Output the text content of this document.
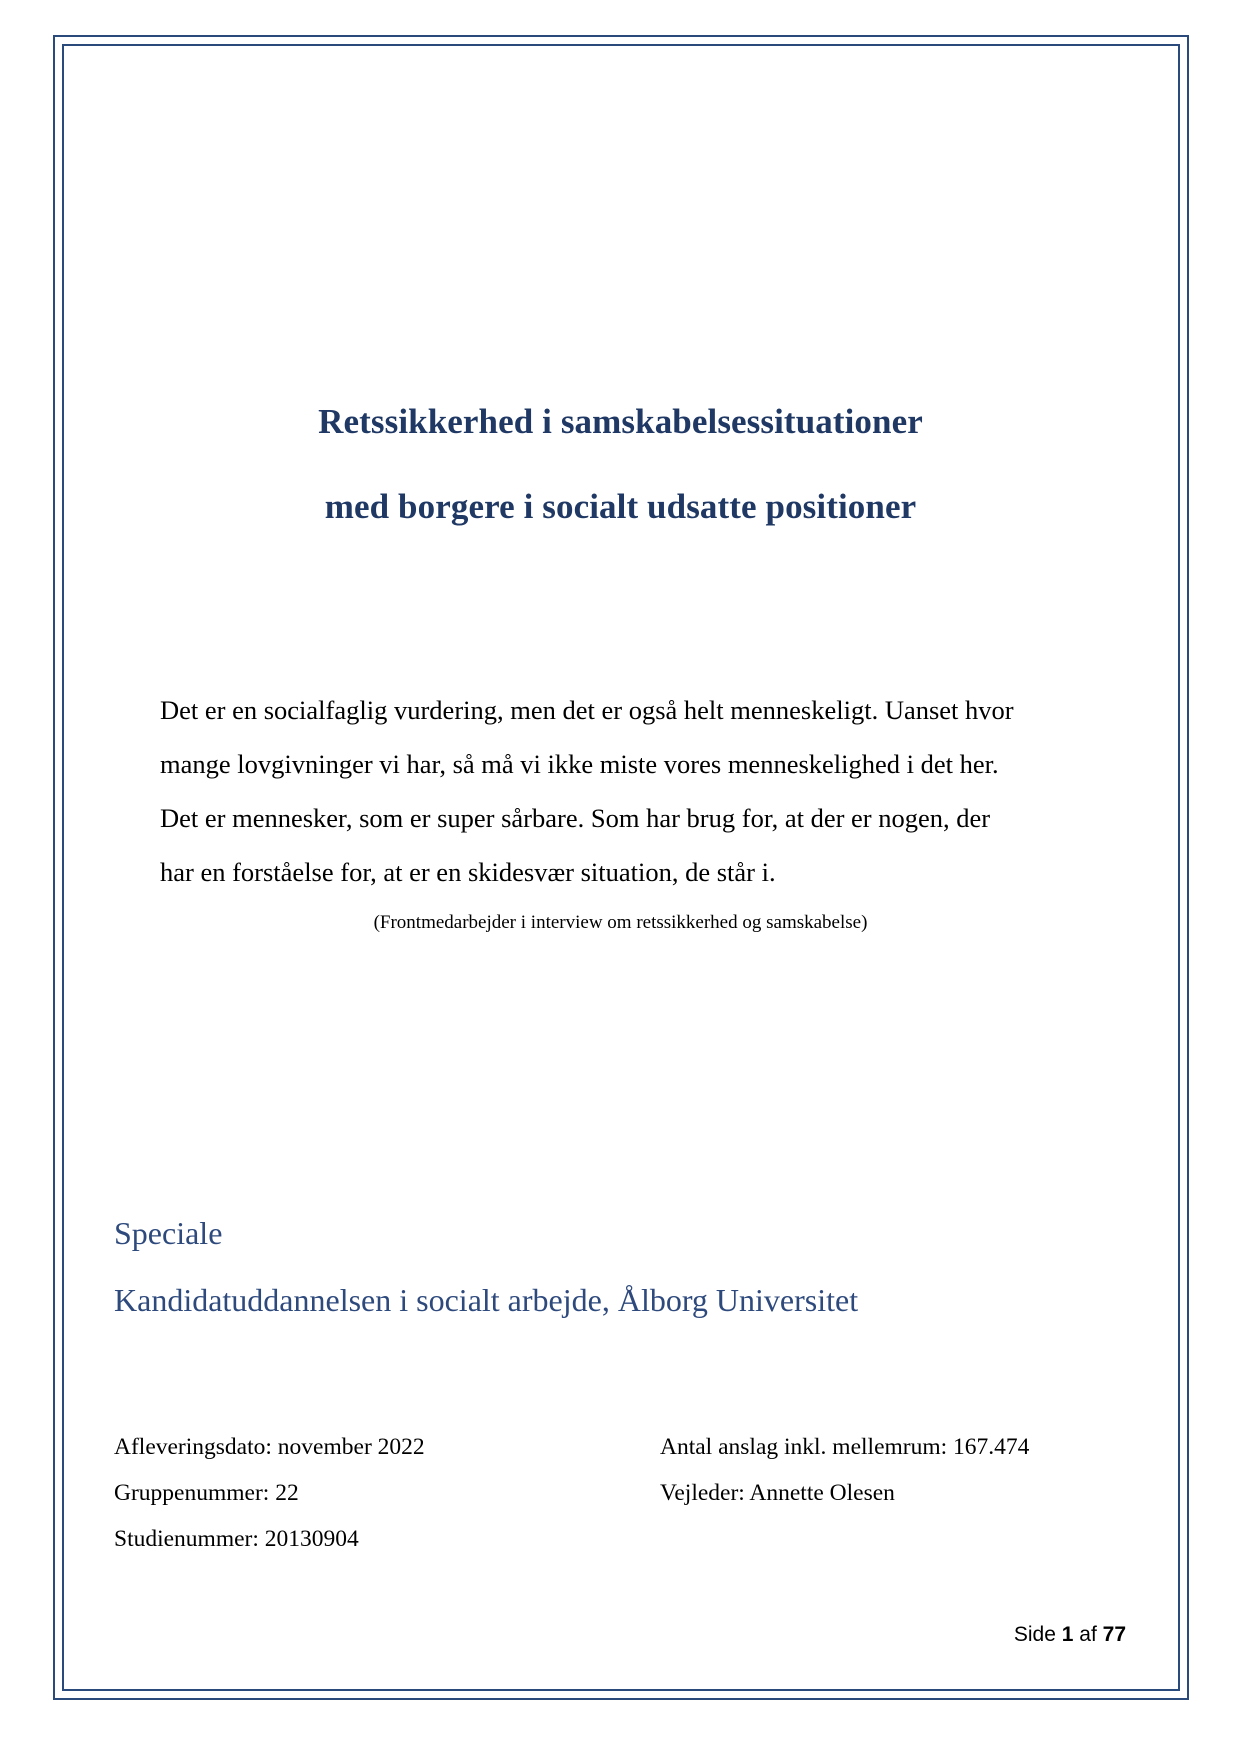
Retssikkerhed i samskabelsessituationer
med borgere i socialt udsatte positioner
Det er en socialfaglig vurdering, men det er også helt menneskeligt. Uanset hvor
mange lovgivninger vi har, så må vi ikke miste vores menneskelighed i det her.
Det er mennesker, som er super sårbare. Som har brug for, at der er nogen, der
har en forståelse for, at er en skidesvær situation, de står i.
(Frontmedarbejder i interview om retssikkerhed og samskabelse)
Speciale
Kandidatuddannelsen i socialt arbejde, Ålborg Universitet
Afleveringsdato: november 2022	Antal anslag inkl. mellemrum: 167.474
Gruppenummer: 22	Vejleder: Annette Olesen
Studienummer: 20130904
Side 1 af 77
